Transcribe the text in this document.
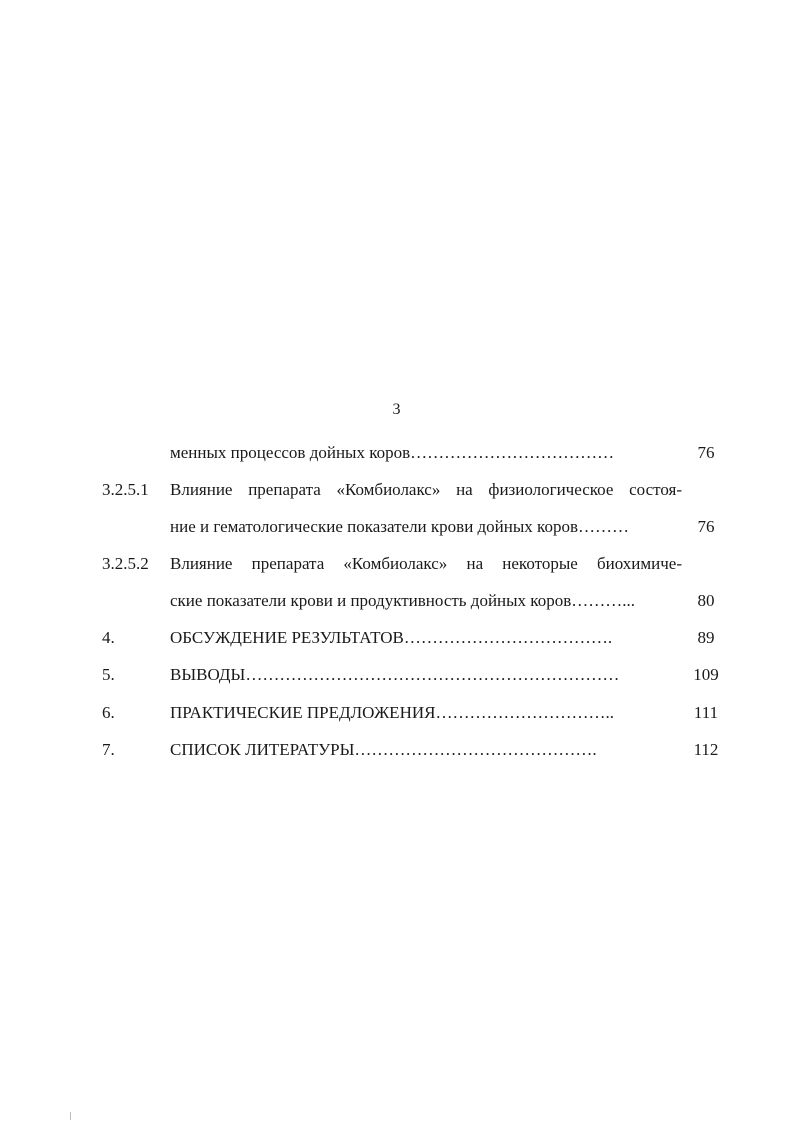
3
менных процессов дойных коров………………………………	76
3.2.5.1 Влияние препарата «Комбиолакс» на физиологическое состоя-
ние и гематологические показатели крови дойных коров………	76
3.2.5.2 Влияние препарата «Комбиолакс» на некоторые биохимиче-
ские показатели крови и продуктивность дойных коров………...	80
4.	ОБСУЖДЕНИЕ РЕЗУЛЬТАТОВ……………………………….	89
5.	ВЫВОДЫ…………………………………………………………	109
6.	ПРАКТИЧЕСКИЕ ПРЕДЛОЖЕНИЯ…………………………..	111
7.	СПИСОК ЛИТЕРАТУРЫ…………………………………….	112
